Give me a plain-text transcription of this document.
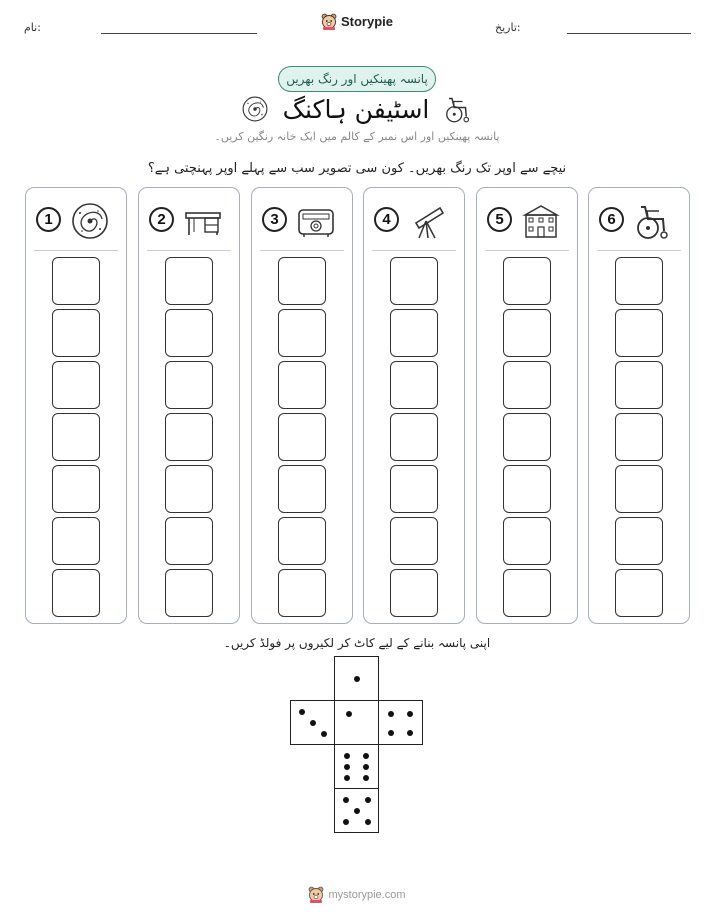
نام:	تاریخ:
Storypie
پانسہ پھینکیں اور رنگ بھریں
اسٹیفن ہاکنگ
پانسہ پھینکیں اور اس نمبر کے کالم میں ایک خانہ رنگین کریں۔
نیچے سے اوپر تک رنگ بھریں۔ کون سی تصویر سب سے پہلے اوپر پہنچتی ہے؟
1	2	3	4	5	6
اپنی پانسہ بنانے کے لیے کاٹ کر لکیروں پر فولڈ کریں۔
mystorypie.com
